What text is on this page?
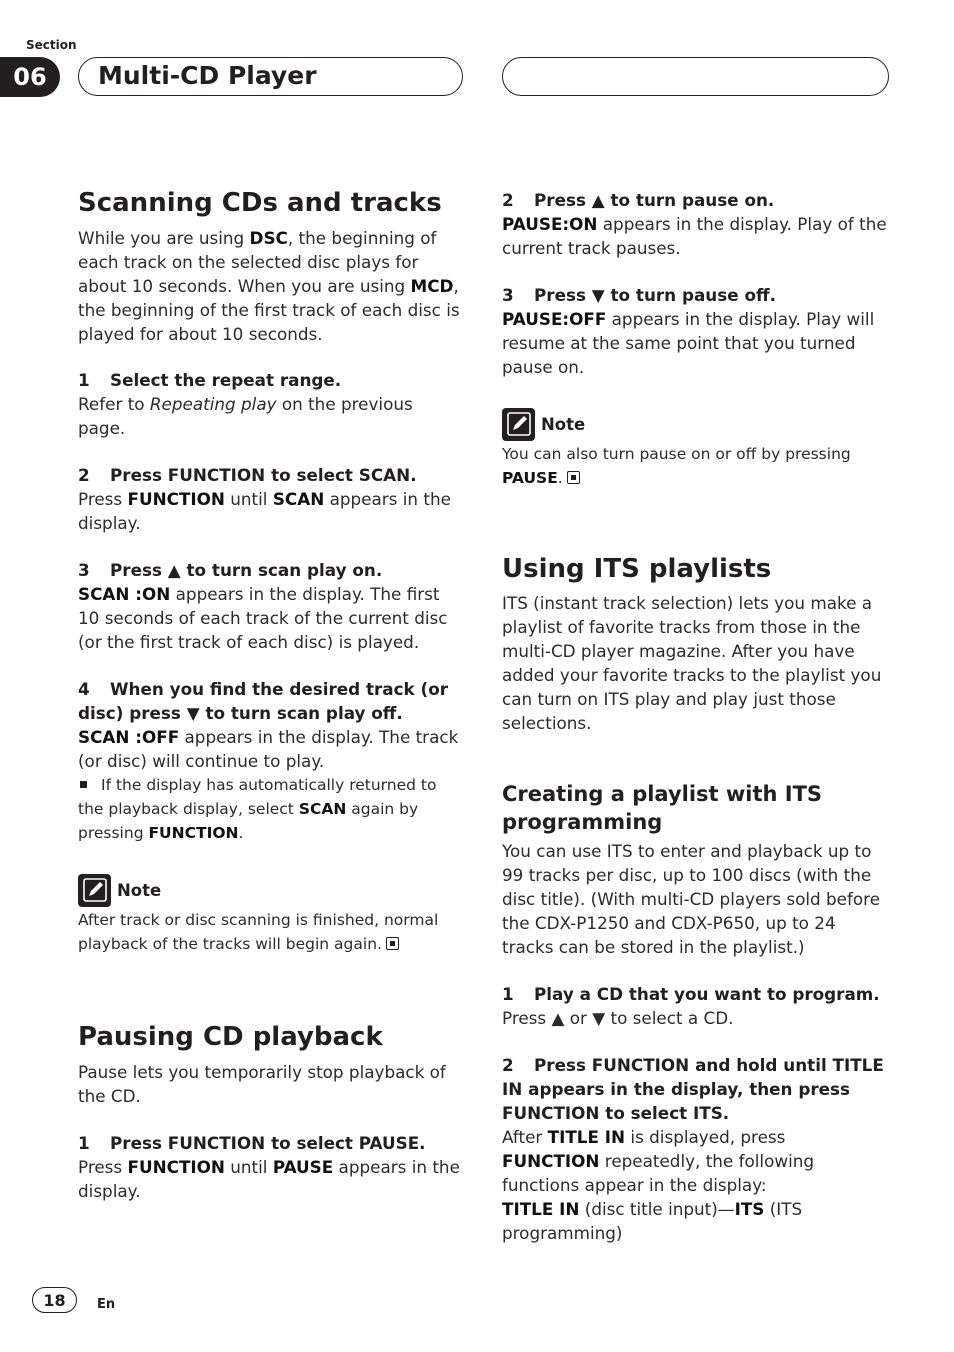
Section
06	Multi-CD Player
Scanning CDs and tracks

While you are using DSC, the beginning of each track on the selected disc plays for about 10 seconds. When you are using MCD, the beginning of the first track of each disc is played for about 10 seconds.

1 Select the repeat range.

Refer to Repeating play on the previous page.

2 Press FUNCTION to select SCAN.

Press FUNCTION until SCAN appears in the display.

3 Press ▲ to turn scan play on.

SCAN :ON appears in the display. The first 10 seconds of each track of the current disc (or the first track of each disc) is played.

4 When you find the desired track (or disc) press ▼ to turn scan play off.

SCAN :OFF appears in the display. The track (or disc) will continue to play.

If the display has automatically returned to the playback display, select SCAN again by pressing FUNCTION.
Note
After track or disc scanning is finished, normal playback of the tracks will begin again.
Pausing CD playback

Pause lets you temporarily stop playback of the CD.

1 Press FUNCTION to select PAUSE.

Press FUNCTION until PAUSE appears in the display.

2 Press ▲ to turn pause on.

PAUSE:ON appears in the display. Play of the current track pauses.

3 Press ▼ to turn pause off.

PAUSE:OFF appears in the display. Play will resume at the same point that you turned pause on.

Note
You can also turn pause on or off by pressing PAUSE.
Using ITS playlists

ITS (instant track selection) lets you make a playlist of favorite tracks from those in the multi-CD player magazine. After you have added your favorite tracks to the playlist you can turn on ITS play and play just those selections.

Creating a playlist with ITS programming

You can use ITS to enter and playback up to 99 tracks per disc, up to 100 discs (with the disc title). (With multi-CD players sold before the CDX-P1250 and CDX-P650, up to 24 tracks can be stored in the playlist.)

1 Play a CD that you want to program.

Press ▲ or ▼ to select a CD.

2 Press FUNCTION and hold until TITLE IN appears in the display, then press FUNCTION to select ITS.

After TITLE IN is displayed, press FUNCTION repeatedly, the following functions appear in the display:

TITLE IN (disc title input)—ITS (ITS programming)

18	En
